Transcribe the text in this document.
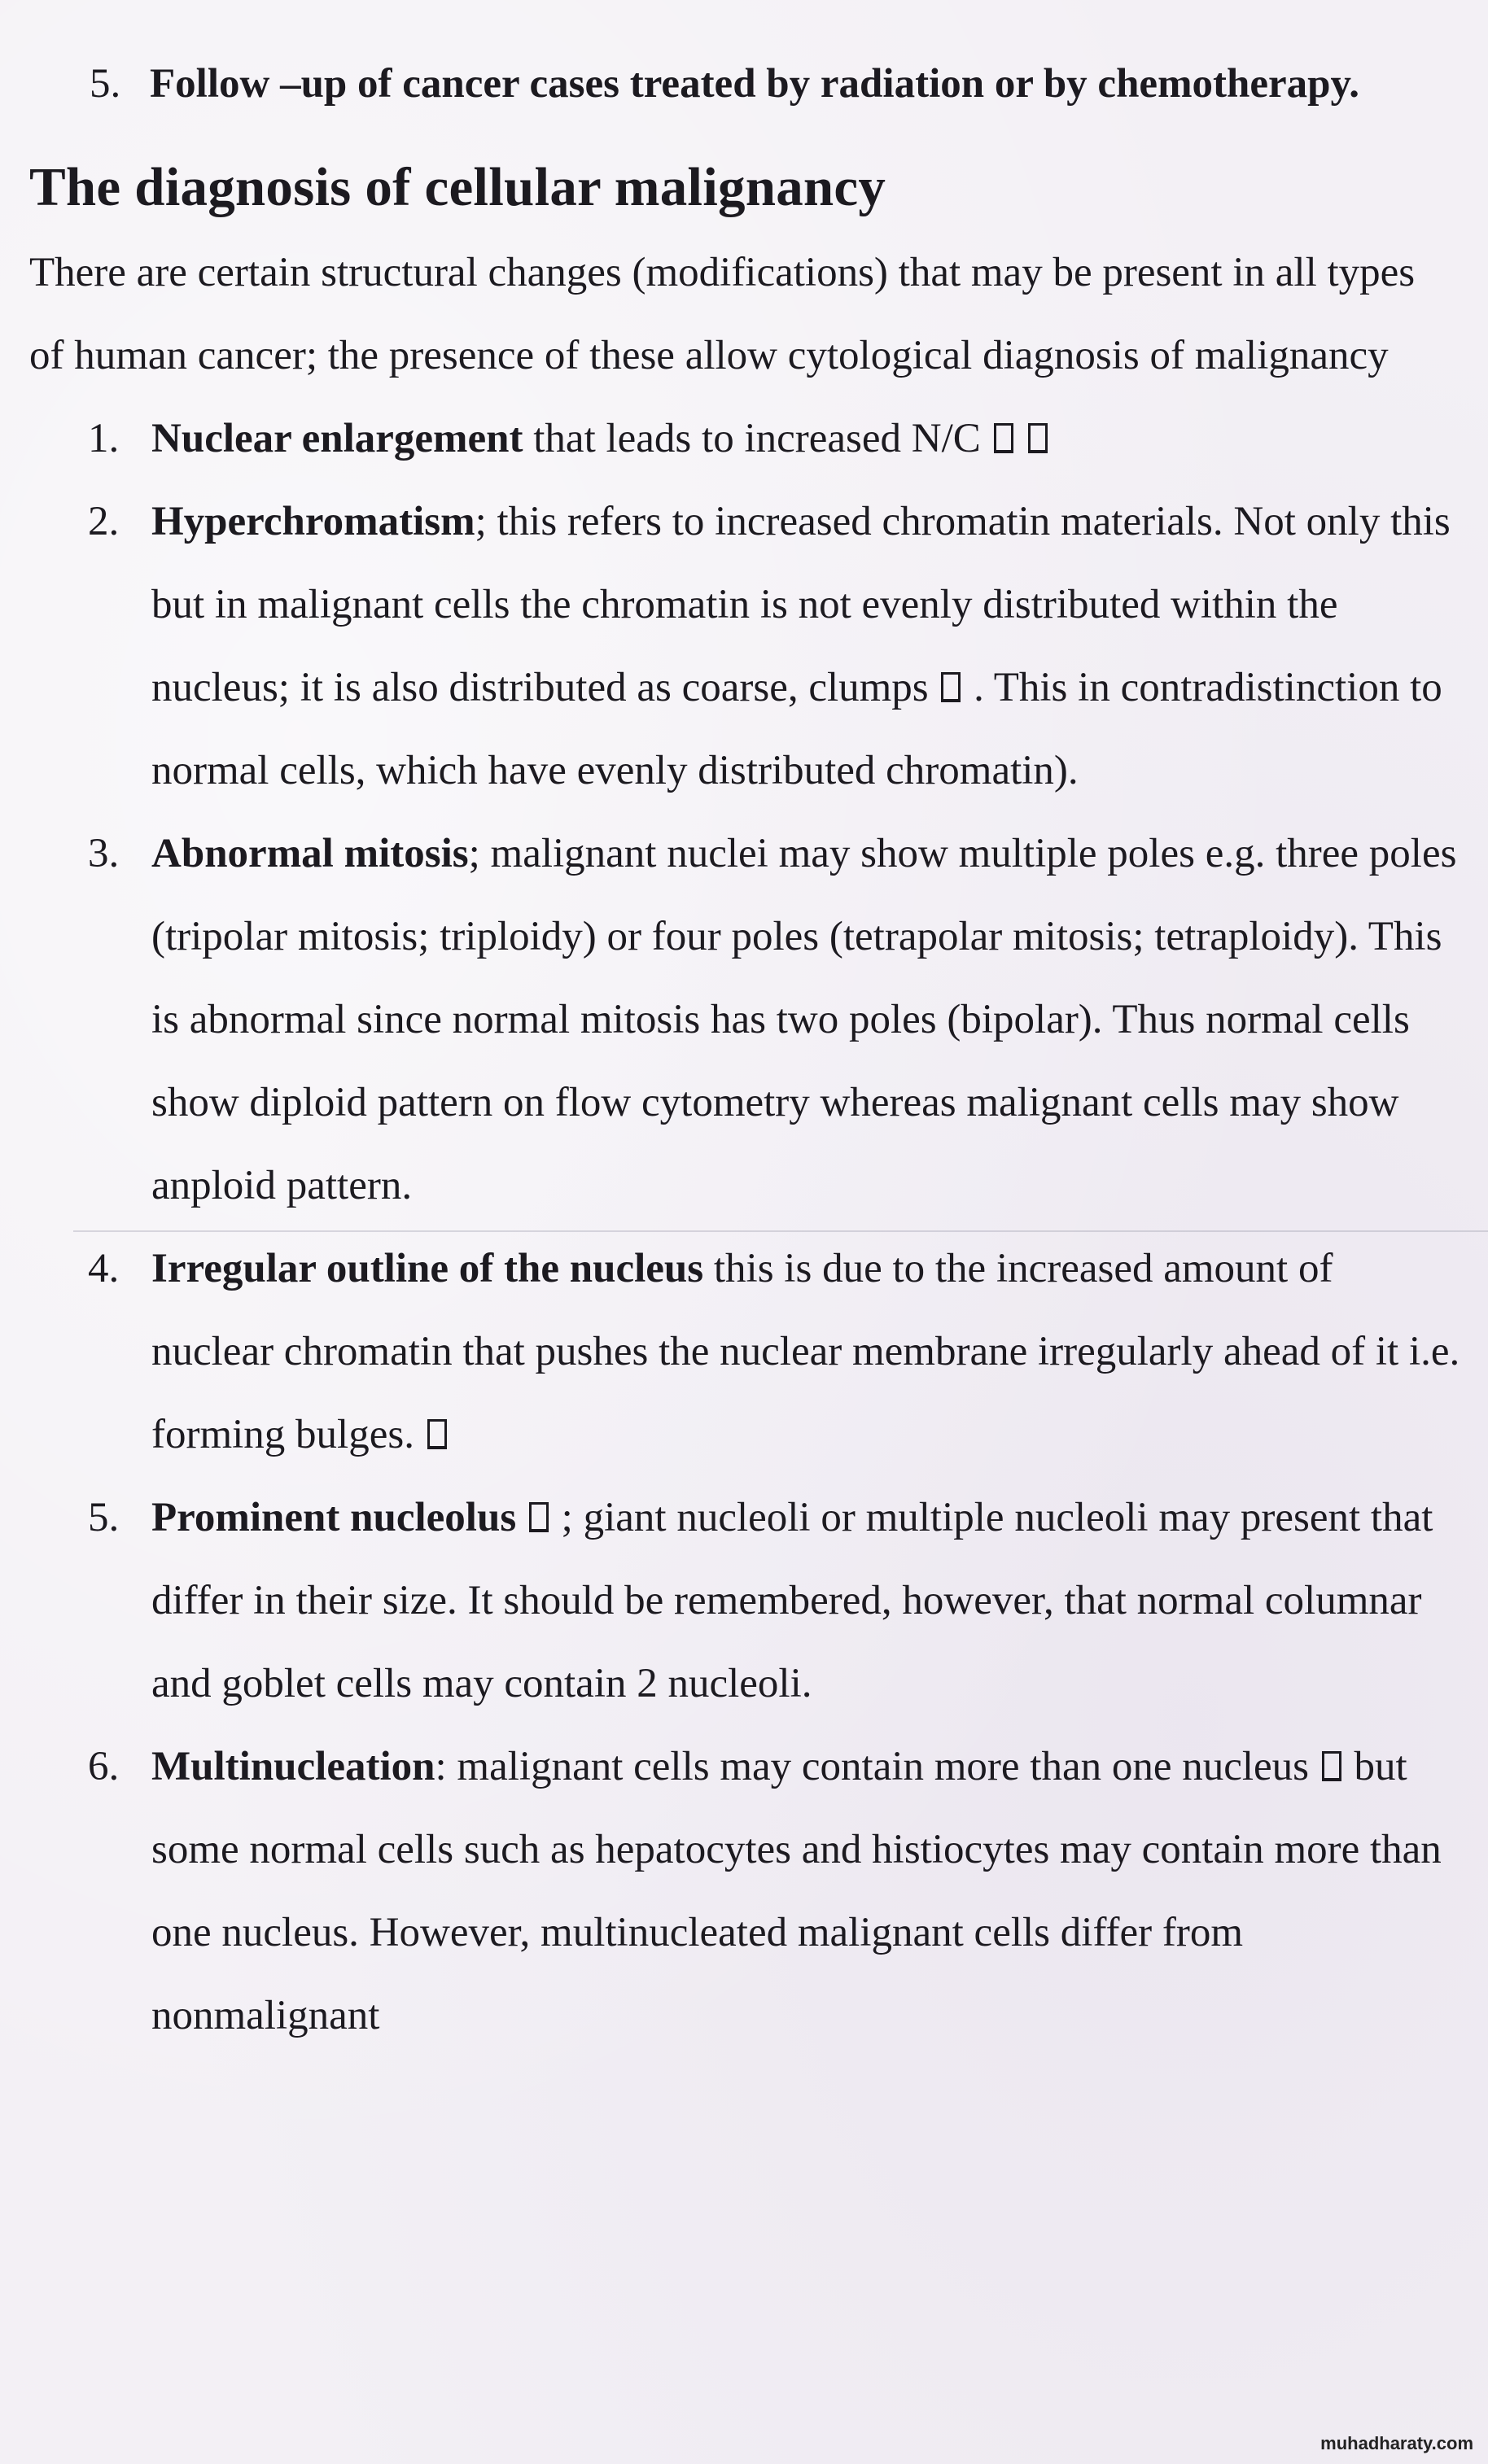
5. Follow –up of cancer cases treated by radiation or by chemotherapy.
The diagnosis of cellular malignancy

There are certain structural changes (modifications) that may be present in all types of human cancer; the presence of these allow cytological diagnosis of malignancy

1. Nuclear enlargement that leads to increased N/C
2. Hyperchromatism; this refers to increased chromatin materials. Not only this but in malignant cells the chromatin is not evenly distributed within the nucleus; it is also distributed as coarse, clumps  . This in contradistinction to normal cells, which have evenly distributed chromatin).
3. Abnormal mitosis; malignant nuclei may show multiple poles e.g. three poles (tripolar mitosis; triploidy) or four poles (tetrapolar mitosis; tetraploidy). This is abnormal since normal mitosis has two poles (bipolar). Thus normal cells show diploid pattern on flow cytometry whereas malignant cells may show anploid pattern.
4. Irregular outline of the nucleus this is due to the increased amount of nuclear chromatin that pushes the nuclear membrane irregularly ahead of it i.e. forming bulges.
5. Prominent nucleolus  ; giant nucleoli or multiple nucleoli may present that differ in their size. It should be remembered, however, that normal columnar and goblet cells may contain 2 nucleoli.
6. Multinucleation: malignant cells may contain more than one nucleus  but some normal cells such as hepatocytes and histiocytes may contain more than one nucleus. However, multinucleated malignant cells differ from nonmalignant
muhadharaty.com
